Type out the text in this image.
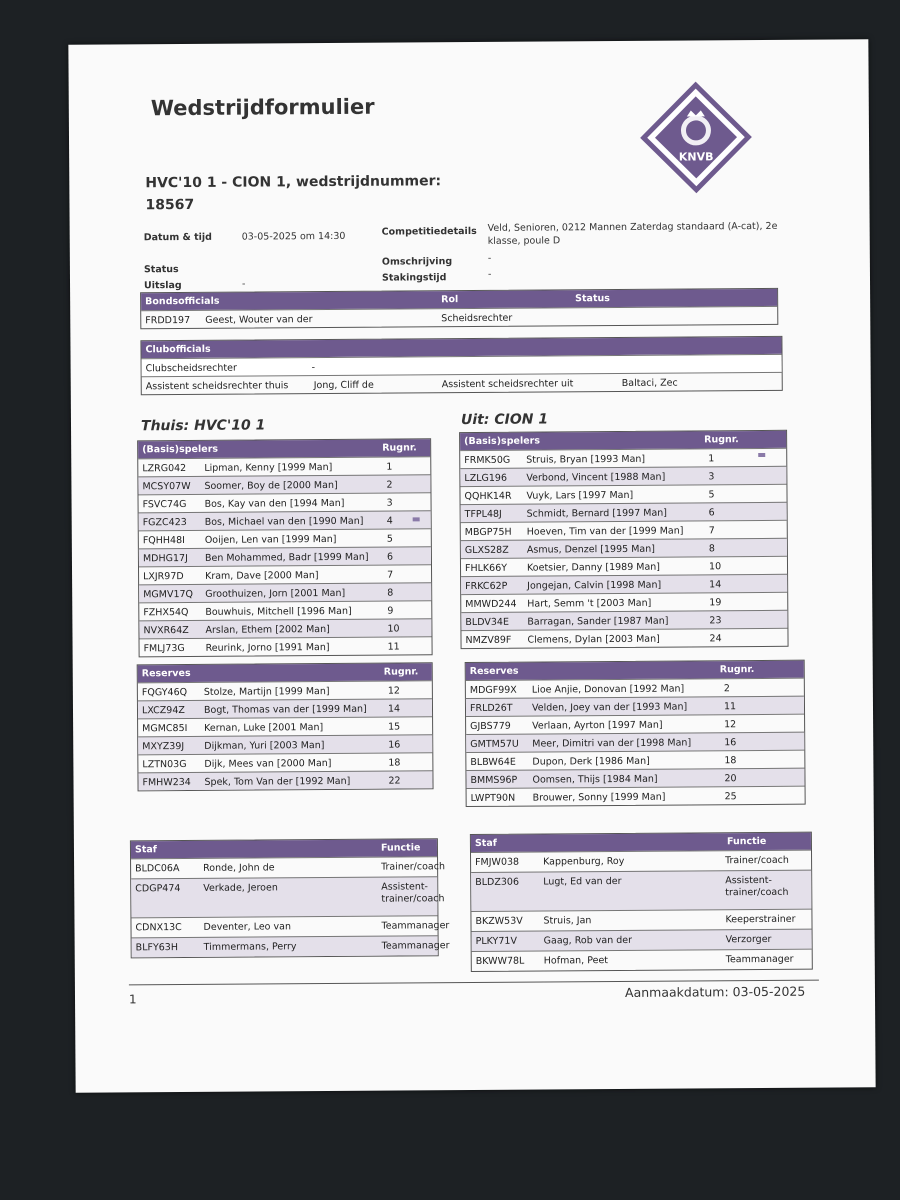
Wedstrijdformulier
HVC'10 1 - CION 1, wedstrijdnummer: 18567
KNVB
Datum & tijd	03-05-2025 om 14:30
Status
Uitslag	-
Competitiedetails Veld, Senioren, 0212 Mannen Zaterdag standaard (A-cat), 2e klasse, poule D
Omschrijving	-
Stakingstijd	-
Bondsofficials	Rol	Status
FRDD197 Geest, Wouter van der	Scheidsrechter
Clubofficials
Clubscheidsrechter	-
Assistent scheidsrechter thuis	Jong, Cliff de	Assistent scheidsrechter uit	Baltaci, Zec
Thuis: HVC'10 1	Uit: CION 1
(Basis)spelers	Rugnr.
LZRG042 Lipman, Kenny [1999 Man]	1
MCSY07W Soomer, Boy de [2000 Man]	2
FSVC74G Bos, Kay van den [1994 Man]	3
FGZC423 Bos, Michael van den [1990 Man] 4
FQHH48I Ooijen, Len van [1999 Man]	5
MDHG17J Ben Mohammed, Badr [1999 Man] 6
LXJR97D Kram, Dave [2000 Man]	7
MGMV17Q Groothuizen, Jorn [2001 Man]	8
FZHX54Q Bouwhuis, Mitchell [1996 Man]	9
NVXR64Z Arslan, Ethem [2002 Man]	10
FMLJ73G Reurink, Jorno [1991 Man]	11
Reserves	Rugnr.
FQGY46Q Stolze, Martijn [1999 Man]	12
LXCZ94Z Bogt, Thomas van der [1999 Man] 14
MGMC85I Kernan, Luke [2001 Man]	15
MXYZ39J Dijkman, Yuri [2003 Man]	16
LZTN03G Dijk, Mees van [2000 Man]	18
FMHW234 Spek, Tom Van der [1992 Man]	22
(Basis)spelers	Rugnr.
FRMK50G Struis, Bryan [1993 Man]	1
LZLG196 Verbond, Vincent [1988 Man]	3
QQHK14R Vuyk, Lars [1997 Man]	5
TFPL48J	Schmidt, Bernard [1997 Man]	6
MBGP75H Hoeven, Tim van der [1999 Man]	7
GLXS28Z Asmus, Denzel [1995 Man]	8
FHLK66Y Koetsier, Danny [1989 Man]	10
FRKC62P Jongejan, Calvin [1998 Man]	14
MMWD244 Hart, Semm 't [2003 Man]	19
BLDV34E Barragan, Sander [1987 Man]	23
NMZV89F Clemens, Dylan [2003 Man]	24
Reserves	Rugnr.
MDGF99X Lioe Anjie, Donovan [1992 Man]	2
FRLD26T Velden, Joey van der [1993 Man]	11
GJBS779 Verlaan, Ayrton [1997 Man]	12
GMTM57U Meer, Dimitri van der [1998 Man]	16
BLBW64E Dupon, Derk [1986 Man]	18
BMMS96P Oomsen, Thijs [1984 Man]	20
LWPT90N Brouwer, Sonny [1999 Man]	25
Staf	Functie
BLDC06A Ronde, John de	Trainer/coach
CDGP474 Verkade, Jeroen	Assistent-trainer/coach
CDNX13C Deventer, Leo van	Teammanager
BLFY63H	Timmermans, Perry	Teammanager
Staf	Functie
FMJW038	Kappenburg, Roy	Trainer/coach
BLDZ306	Lugt, Ed van der	Assistent-trainer/coach
BKZW53V Struis, Jan	Keeperstrainer
PLKY71V	Gaag, Rob van der	Verzorger
BKWW78L Hofman, Peet	Teammanager
1	Aanmaakdatum: 03-05-2025
